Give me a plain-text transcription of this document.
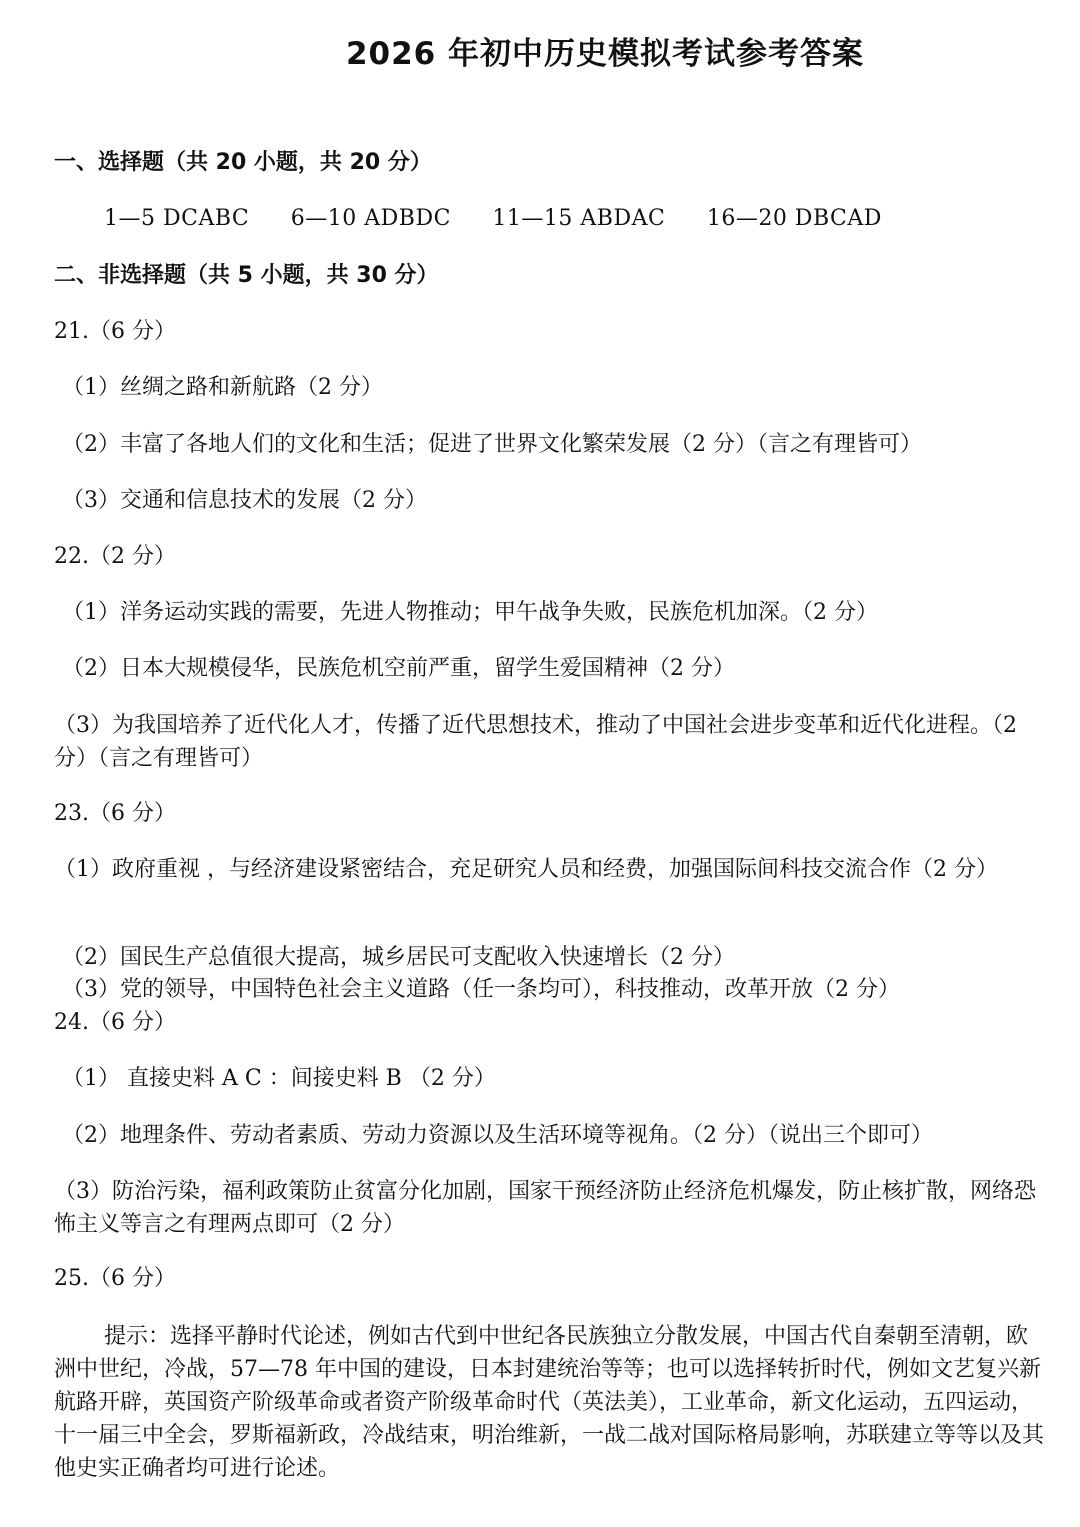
2026 年初中历史模拟考试参考答案
一、选择题（共 20 小题，共 20 分）
1—5 DCABC 6—10 ADBDC 11—15 ABDAC 16—20 DBCAD
二、非选择题（共 5 小题，共 30 分）
21.（6 分）
（1）丝绸之路和新航路（2 分）
（2）丰富了各地人们的文化和生活；促进了世界文化繁荣发展（2 分）（言之有理皆可）
（3）交通和信息技术的发展（2 分）
22.（2 分）
（1）洋务运动实践的需要，先进人物推动；甲午战争失败，民族危机加深。（2 分）
（2）日本大规模侵华，民族危机空前严重，留学生爱国精神（2 分）
（3）为我国培养了近代化人才，传播了近代思想技术，推动了中国社会进步变革和近代化进程。（2 分）（言之有理皆可）
23.（6 分）
（1）政府重视 ，与经济建设紧密结合，充足研究人员和经费，加强国际间科技交流合作（2 分）
（2）国民生产总值很大提高，城乡居民可支配收入快速增长（2 分）
（3）党的领导，中国特色社会主义道路（任一条均可），科技推动，改革开放（2 分）
24.（6 分）
（1） 直接史料 A C ：间接史料 B （2 分）
（2）地理条件、劳动者素质、劳动力资源以及生活环境等视角。（2 分）（说出三个即可）
（3）防治污染，福利政策防止贫富分化加剧，国家干预经济防止经济危机爆发，防止核扩散，网络恐怖主义等言之有理两点即可（2 分）
25.（6 分）
提示：选择平静时代论述，例如古代到中世纪各民族独立分散发展，中国古代自秦朝至清朝，欧洲中世纪，冷战，57—78 年中国的建设，日本封建统治等等；也可以选择转折时代，例如文艺复兴新航路开辟，英国资产阶级革命或者资产阶级革命时代（英法美），工业革命，新文化运动，五四运动，十一届三中全会，罗斯福新政，冷战结束，明治维新，一战二战对国际格局影响，苏联建立等等以及其他史实正确者均可进行论述。
